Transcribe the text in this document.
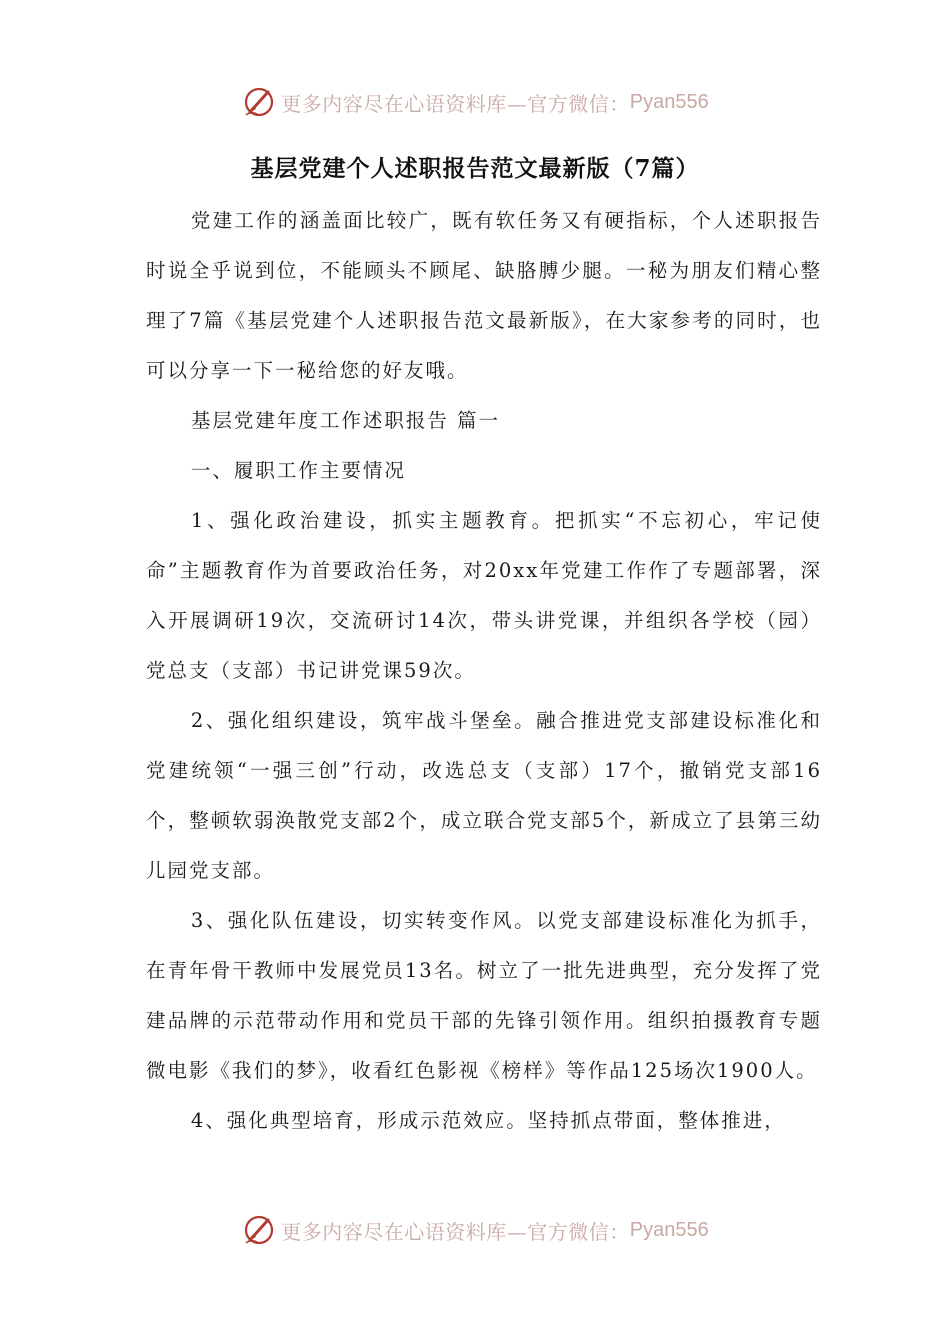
更多内容尽在心语资料库—官方微信： Pyan556
基层党建个人述职报告范文最新版（7篇）

党建工作的涵盖面比较广，既有软任务又有硬指标，个人述职报告时说全乎说到位，不能顾头不顾尾、缺胳膊少腿。一秘为朋友们精心整理了7篇《基层党建个人述职报告范文最新版》，在大家参考的同时，也可以分享一下一秘给您的好友哦。

基层党建年度工作述职报告 篇一

一、履职工作主要情况

1、强化政治建设，抓实主题教育。把抓实“不忘初心，牢记使命”主题教育作为首要政治任务，对20xx年党建工作作了专题部署，深入开展调研19次，交流研讨14次，带头讲党课，并组织各学校（园）党总支（支部）书记讲党课59次。

2、强化组织建设，筑牢战斗堡垒。融合推进党支部建设标准化和党建统领“一强三创”行动，改选总支（支部）17个，撤销党支部16个，整顿软弱涣散党支部2个，成立联合党支部5个，新成立了县第三幼儿园党支部。

3、强化队伍建设，切实转变作风。以党支部建设标准化为抓手，在青年骨干教师中发展党员13名。树立了一批先进典型，充分发挥了党建品牌的示范带动作用和党员干部的先锋引领作用。组织拍摄教育专题微电影《我们的梦》，收看红色影视《榜样》等作品125场次1900人。

4、强化典型培育，形成示范效应。坚持抓点带面，整体推进，

更多内容尽在心语资料库—官方微信： Pyan556
